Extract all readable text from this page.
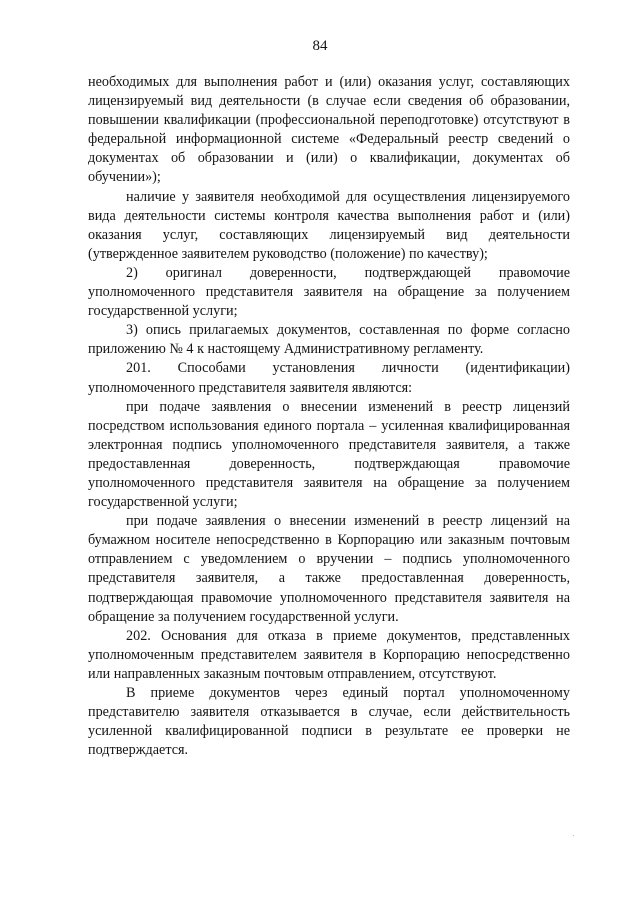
84

необходимых для выполнения работ и (или) оказания услуг, составляющих лицензируемый вид деятельности (в случае если сведения об образовании, повышении квалификации (профессиональной переподготовке) отсутствуют в федеральной информационной системе «Федеральный реестр сведений о документах об образовании и (или) о квалификации, документах об обучении»);

наличие у заявителя необходимой для осуществления лицензируемого вида деятельности системы контроля качества выполнения работ и (или) оказания услуг, составляющих лицензируемый вид деятельности (утвержденное заявителем руководство (положение) по качеству);

2) оригинал доверенности, подтверждающей правомочие уполномоченного представителя заявителя на обращение за получением государственной услуги;

3) опись прилагаемых документов, составленная по форме согласно приложению № 4 к настоящему Административному регламенту.

201. Способами установления личности (идентификации) уполномоченного представителя заявителя являются:

при подаче заявления о внесении изменений в реестр лицензий посредством использования единого портала – усиленная квалифицированная электронная подпись уполномоченного представителя заявителя, а также предоставленная доверенность, подтверждающая правомочие уполномоченного представителя заявителя на обращение за получением государственной услуги;

при подаче заявления о внесении изменений в реестр лицензий на бумажном носителе непосредственно в Корпорацию или заказным почтовым отправлением с уведомлением о вручении – подпись уполномоченного представителя заявителя, а также предоставленная доверенность, подтверждающая правомочие уполномоченного представителя заявителя на обращение за получением государственной услуги.

202. Основания для отказа в приеме документов, представленных уполномоченным представителем заявителя в Корпорацию непосредственно или направленных заказным почтовым отправлением, отсутствуют.

В приеме документов через единый портал уполномоченному представителю заявителя отказывается в случае, если действительность усиленной квалифицированной подписи в результате ее проверки не подтверждается.
